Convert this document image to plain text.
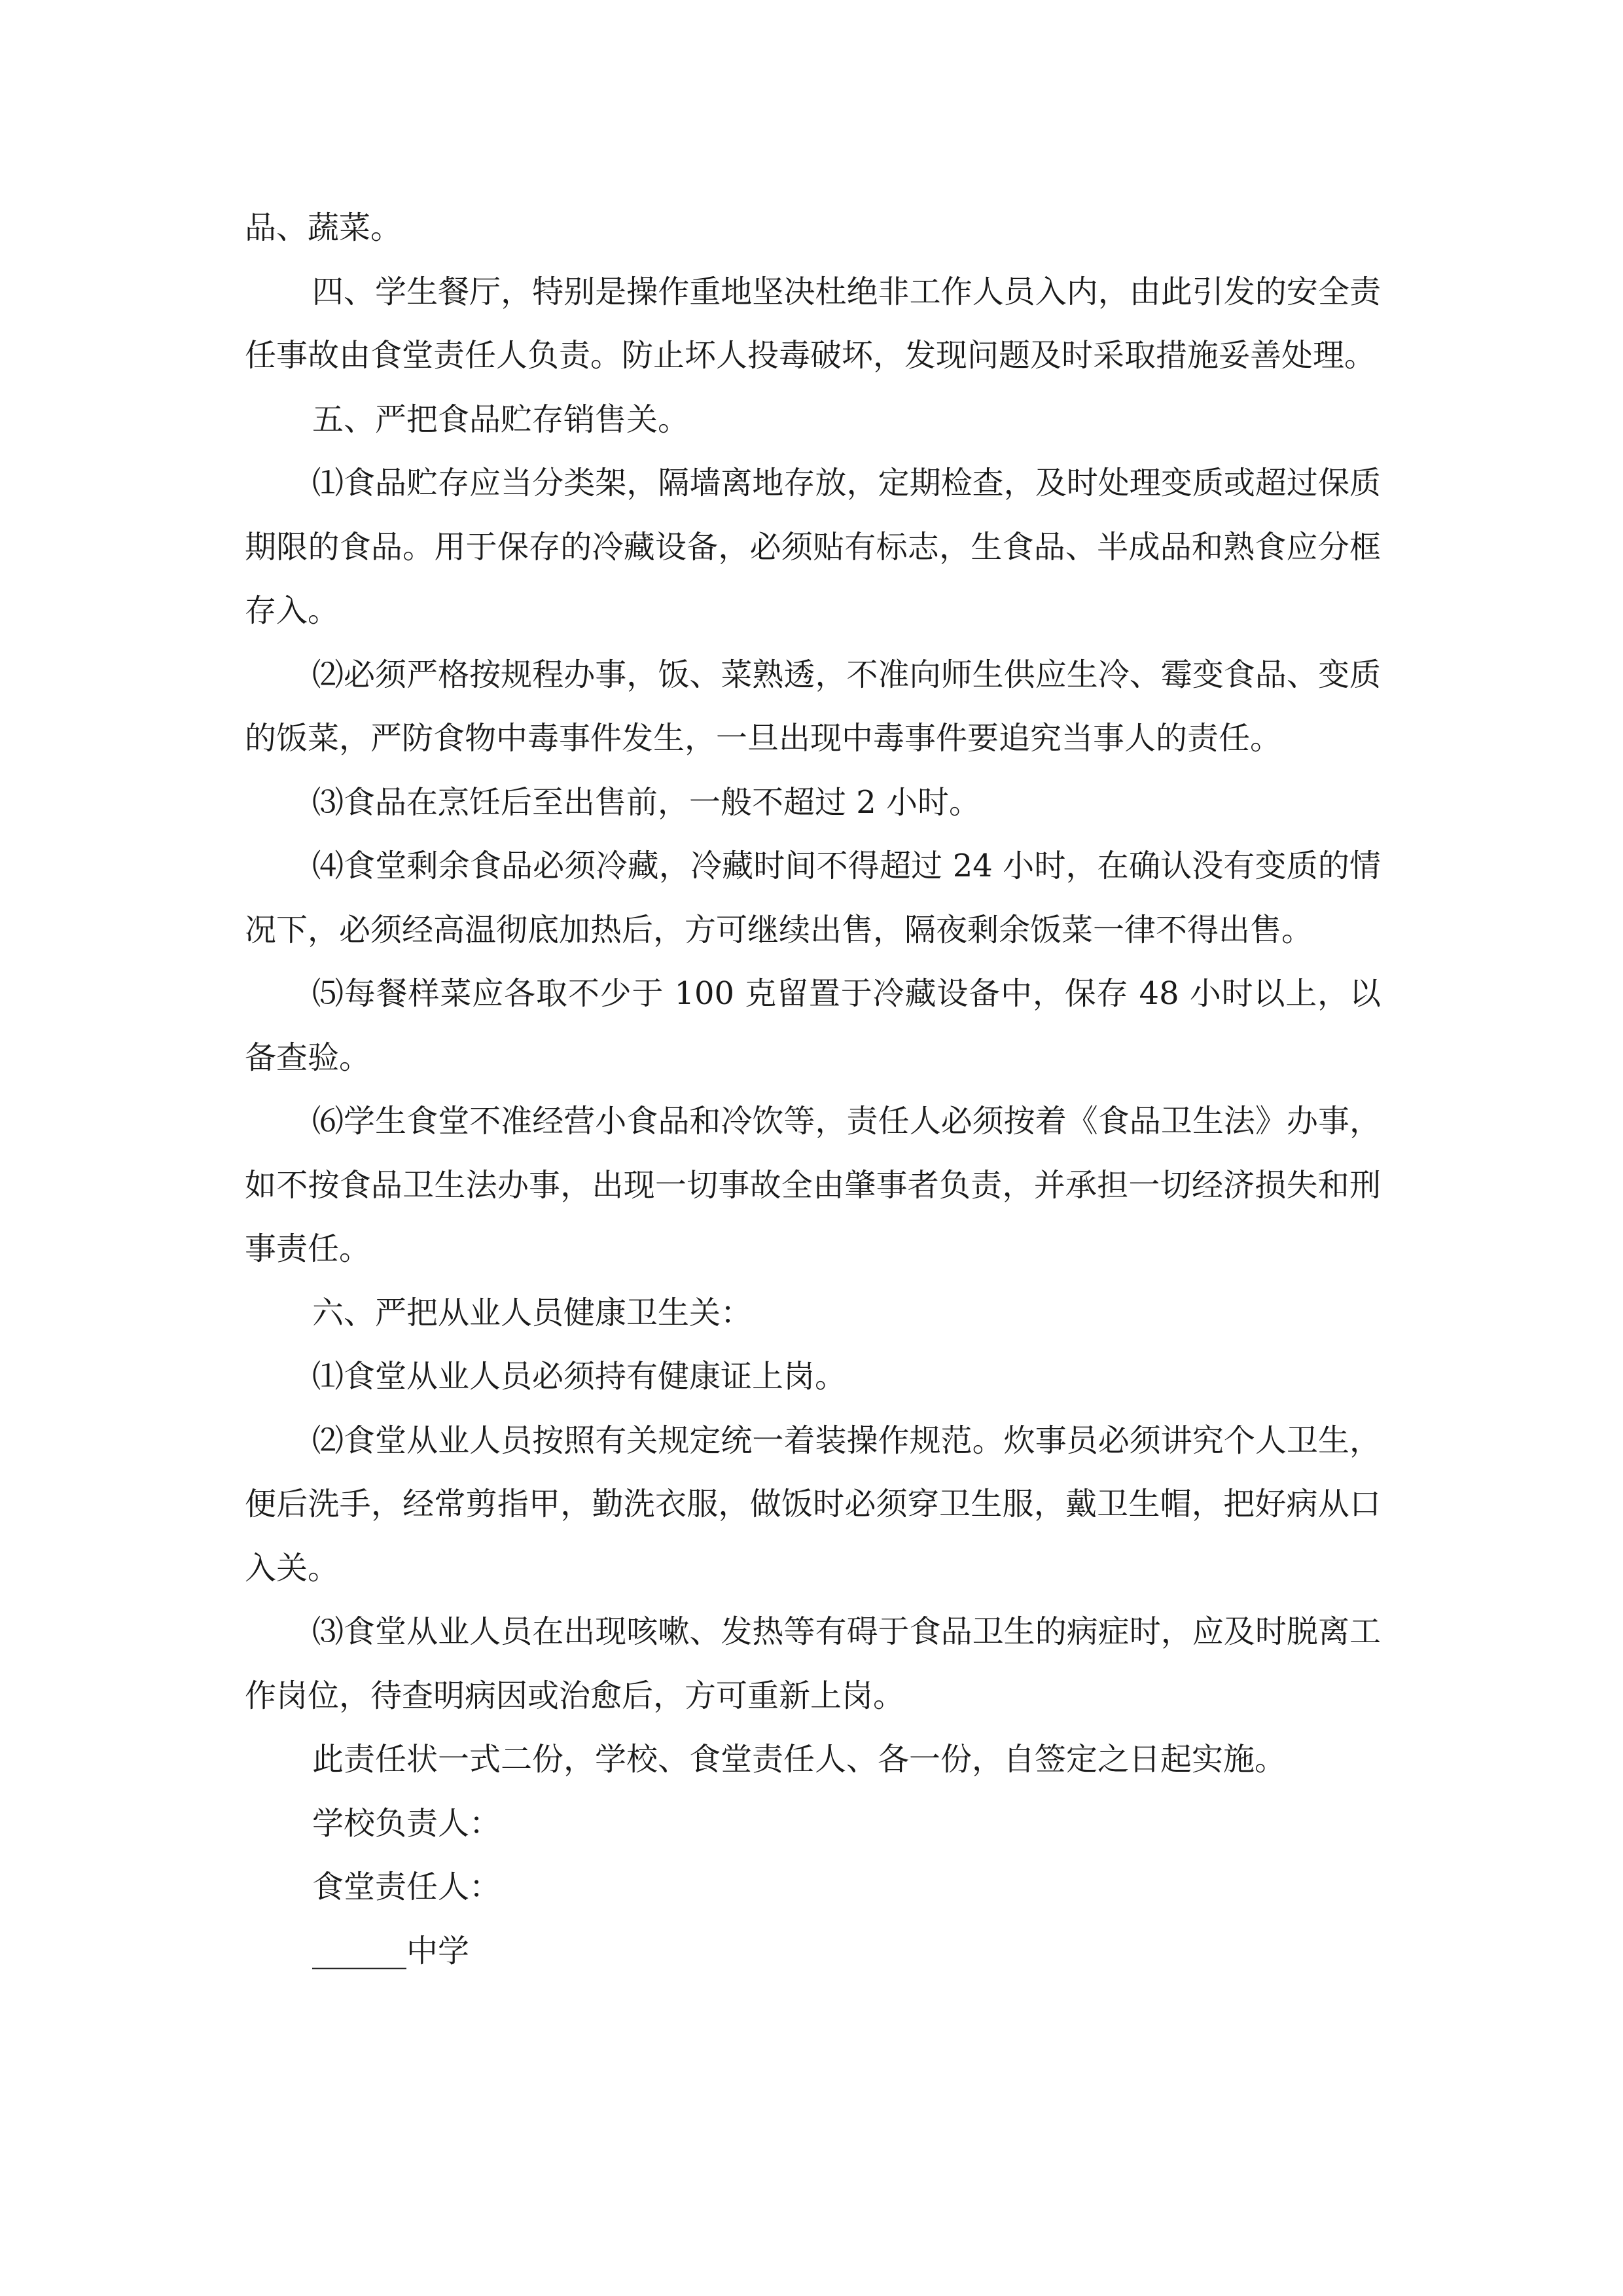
品、蔬菜。

四、学生餐厅，特别是操作重地坚决杜绝非工作人员入内，由此引发的安全责任事故由食堂责任人负责。防止坏人投毒破坏，发现问题及时采取措施妥善处理。

五、严把食品贮存销售关。

⑴食品贮存应当分类架，隔墙离地存放，定期检查，及时处理变质或超过保质期限的食品。用于保存的冷藏设备，必须贴有标志，生食品、半成品和熟食应分框存入。

⑵必须严格按规程办事，饭、菜熟透，不准向师生供应生冷、霉变食品、变质的饭菜，严防食物中毒事件发生，一旦出现中毒事件要追究当事人的责任。

⑶食品在烹饪后至出售前，一般不超过 2 小时。

⑷食堂剩余食品必须冷藏，冷藏时间不得超过 24 小时，在确认没有变质的情况下，必须经高温彻底加热后，方可继续出售，隔夜剩余饭菜一律不得出售。

⑸每餐样菜应各取不少于 100 克留置于冷藏设备中，保存 48 小时以上，以备查验。

⑹学生食堂不准经营小食品和冷饮等，责任人必须按着《食品卫生法》办事，如不按食品卫生法办事，出现一切事故全由肇事者负责，并承担一切经济损失和刑事责任。

六、严把从业人员健康卫生关：

⑴食堂从业人员必须持有健康证上岗。

⑵食堂从业人员按照有关规定统一着装操作规范。炊事员必须讲究个人卫生，便后洗手，经常剪指甲，勤洗衣服，做饭时必须穿卫生服，戴卫生帽，把好病从口入关。

⑶食堂从业人员在出现咳嗽、发热等有碍于食品卫生的病症时，应及时脱离工作岗位，待查明病因或治愈后，方可重新上岗。

此责任状一式二份，学校、食堂责任人、各一份，自签定之日起实施。

学校负责人：

食堂责任人：

______中学
